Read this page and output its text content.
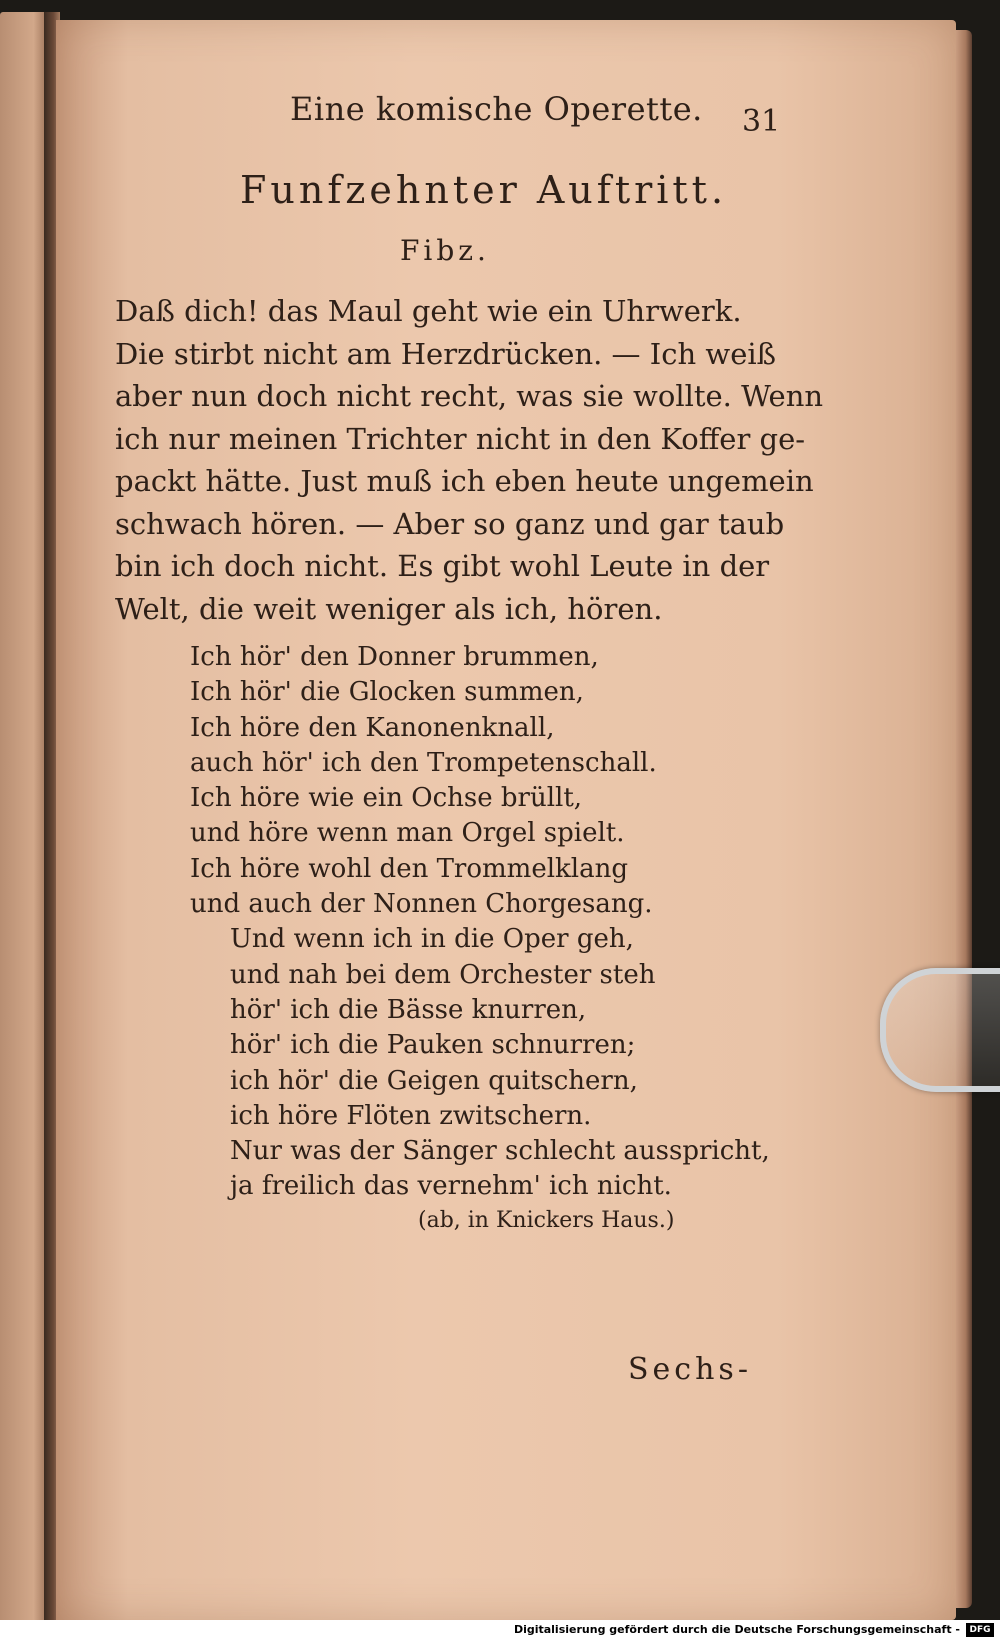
Eine komische Operette. 31

Funfzehnter Auftritt.

Fibz.

Daß dich! das Maul geht wie ein Uhrwerk.
Die stirbt nicht am Herzdrücken. — Ich weiß
aber nun doch nicht recht, was sie wollte. Wenn
ich nur meinen Trichter nicht in den Koffer ge-
packt hätte. Just muß ich eben heute ungemein
schwach hören. — Aber so ganz und gar taub
bin ich doch nicht. Es gibt wohl Leute in der
Welt, die weit weniger als ich, hören.
Ich hör' den Donner brummen,
Ich hör' die Glocken summen,
Ich höre den Kanonenknall,
auch hör' ich den Trompetenschall.
Ich höre wie ein Ochse brüllt,
und höre wenn man Orgel spielt.
Ich höre wohl den Trommelklang
und auch der Nonnen Chorgesang.
Und wenn ich in die Oper geh,
und nah bei dem Orchester steh
hör' ich die Bässe knurren,
hör' ich die Pauken schnurren;
ich hör' die Geigen quitschern,
ich höre Flöten zwitschern.
Nur was der Sänger schlecht ausspricht,
ja freilich das vernehm' ich nicht.

(ab, in Knickers Haus.)

Sechs-

Digitalisierung gefördert durch die Deutsche Forschungsgemeinschaft -	DFG
